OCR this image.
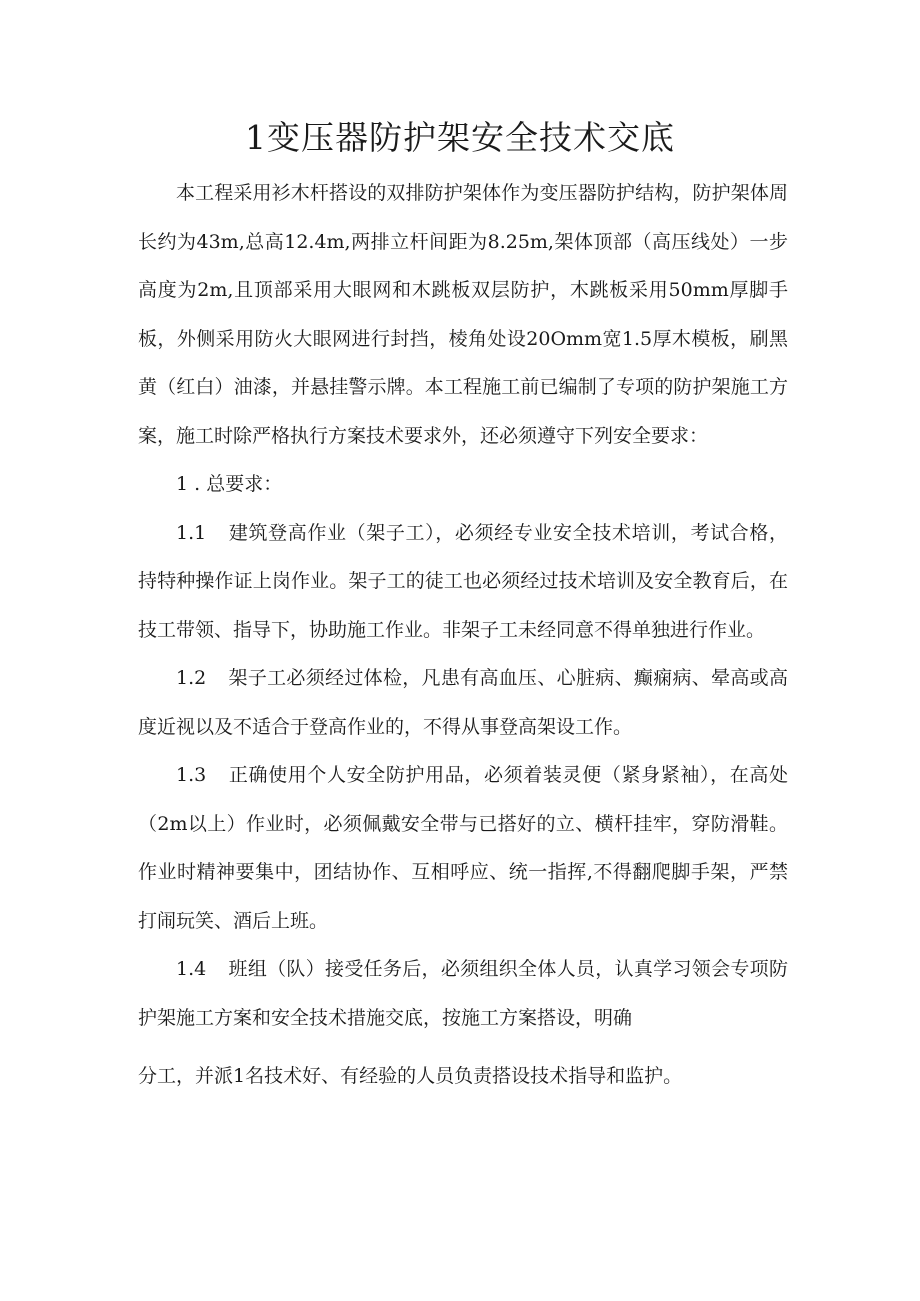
1变压器防护架安全技术交底

本工程采用衫木杆搭设的双排防护架体作为变压器防护结构，防护架体周长约为43m,总高12.4m,两排立杆间距为8.25m,架体顶部（高压线处）一步高度为2m,且顶部采用大眼网和木跳板双层防护，木跳板采用50mm厚脚手板，外侧采用防火大眼网进行封挡，棱角处设20Omm宽1.5厚木模板，刷黑黄（红白）油漆，并悬挂警示牌。本工程施工前已编制了专项的防护架施工方案，施工时除严格执行方案技术要求外，还必须遵守下列安全要求：

1 . 总要求：

1.1 建筑登高作业（架子工），必须经专业安全技术培训，考试合格，持特种操作证上岗作业。架子工的徒工也必须经过技术培训及安全教育后，在技工带领、指导下，协助施工作业。非架子工未经同意不得单独进行作业。

1.2 架子工必须经过体检，凡患有高血压、心脏病、癫痫病、晕高或高度近视以及不适合于登高作业的，不得从事登高架设工作。

1.3 正确使用个人安全防护用品，必须着装灵便（紧身紧袖），在高处（2m以上）作业时，必须佩戴安全带与已搭好的立、横杆挂牢，穿防滑鞋。作业时精神要集中，团结协作、互相呼应、统一指挥,不得翻爬脚手架，严禁打闹玩笑、酒后上班。

1.4 班组（队）接受任务后，必须组织全体人员，认真学习领会专项防护架施工方案和安全技术措施交底，按施工方案搭设，明确

分工，并派1名技术好、有经验的人员负责搭设技术指导和监护。
